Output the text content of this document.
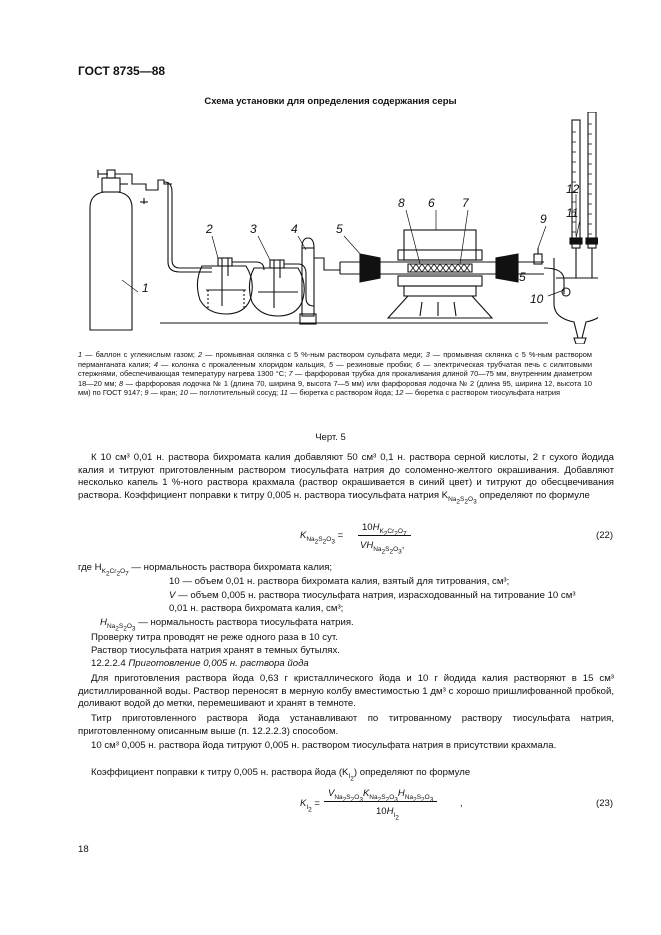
ГОСТ 8735—88
Схема установки для определения содержания серы
1
2	3	4	5
8 6 7
9
12
11
5
10
1 — баллон с углекислым газом; 2 — промывная склянка с 5 %-ным раствором сульфата меди; 3 — промывная склянка с 5 %-ным раствором перманганата калия; 4 — колонка с прокаленным хлоридом кальция, 5 — резиновые пробки; 6 — электрическая трубчатая печь с силитовыми стержнями, обеспечивающая температуру нагрева 1300 °С; 7 — фарфоровая трубка для прокаливания длиной 70—75 мм, внутренним диаметром 18—20 мм; 8 — фарфоровая лодочка № 1 (длина 70, ширина 9, высота 7—5 мм) или фарфоровая лодочка № 2 (длина 95, ширина 12, высота 10 мм) по ГОСТ 9147; 9 — кран; 10 — поглотительный сосуд; 11 — бюретка с раствором йода; 12 — бюретка с раствором тиосульфата натрия
Черт. 5
К 10 см³ 0,01 н. раствора бихромата калия добавляют 50 см³ 0,1 н. раствора серной кислоты, 2 г сухого йодида калия и титруют приготовленным раствором тиосульфата натрия до соломенно-желтого окрашивания. Добавляют несколько капель 1 %-ного раствора крахмала (раствор окрашивается в синий цвет) и титруют до обесцвечивания раствора. Коэффициент поправки к титру 0,005 н. раствора тиосульфата натрия $K_{Na_2S_2O_3}$ определяют по формуле
$K_{Na_2S_2O_3}$ =
$10H_{K_2Cr_2O_7}$
$VH_{Na_2S_2O_3}$,
(22)
где $H_{K_2Cr_2O_7}$ — нормальность раствора бихромата калия;
10 — объем 0,01 н. раствора бихромата калия, взятый для титрования, см³;
V — объем 0,005 н. раствора тиосульфата натрия, израсходованный на титрование 10 см³
0,01 н. раствора бихромата калия, см³;
$H_{Na_2S_2O_3}$ — нормальность раствора тиосульфата натрия.
Проверку титра проводят не реже одного раза в 10 сут.
Раствор тиосульфата натрия хранят в темных бутылях.
12.2.2.4 Приготовление 0,005 н. раствора йода
Для приготовления раствора йода 0,63 г кристаллического йода и 10 г йодида калия растворяют в 15 см³ дистиллированной воды. Раствор переносят в мерную колбу вместимостью 1 дм³ с хорошо пришлифованной пробкой, доливают водой до метки, перемешивают и хранят в темноте.
Титр приготовленного раствора йода устанавливают по титрованному раствору тиосульфата натрия, приготовленному описанным выше (п. 12.2.2.3) способом.
10 см³ 0,005 н. раствора йода титруют 0,005 н. раствором тиосульфата натрия в присутствии крахмала.
Коэффициент поправки к титру 0,005 н. раствора йода $(K_{I_2})$ определяют по формуле
$K_{I_2}$ =
$V_{Na_2S_2O_3}K_{Na_2S_2O_3}H_{Na_2S_2O_3}$
$10H_{I_2}$
,	(23)
18
